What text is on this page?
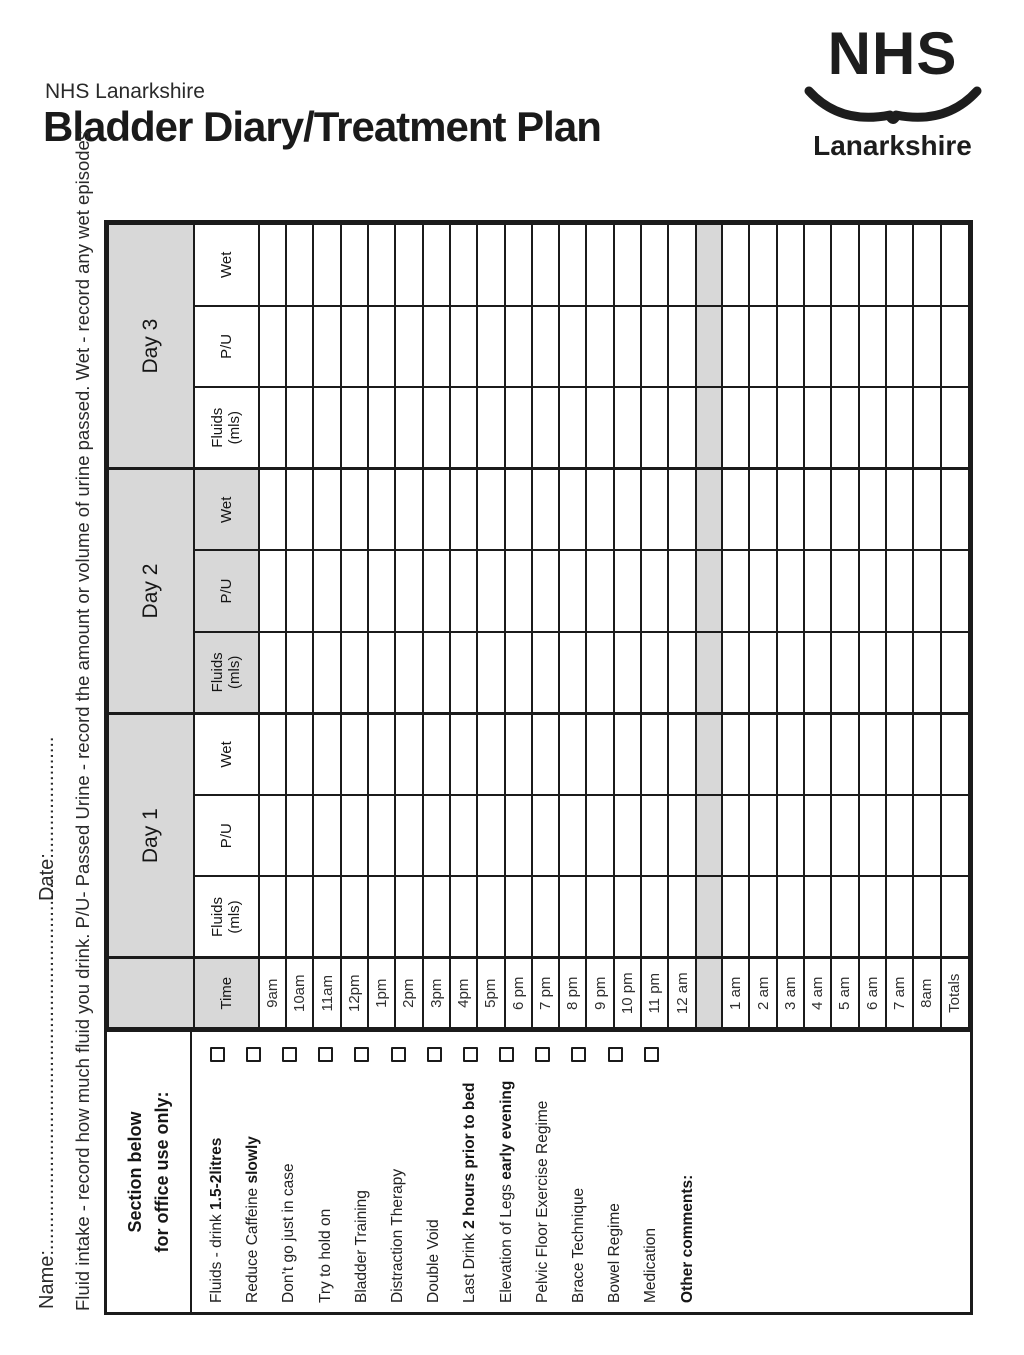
NHS Lanarkshire
Bladder Diary/Treatment Plan
NHS
Lanarkshire
Name:...................................................................
Date:..................... Fluid intake - record how much fluid you drink. P/U- Passed Urine - record the amount or volume of urine passed. Wet - record any wet episodes Section below for office use only:
Fluids - drink 1.5-2litres
Reduce Caffeine slowly
Don’t go just in case Try to hold on Bladder Training Distraction Therapy Double Void Last Drink 2 hours prior to bed
Elevation of Legs early evening Pelvic Floor Exercise Regime Brace Technique Bowel Regime Medication Other comments:
	Day 1			Day 2			Day 3		
Time	Fluids (mls)	P/U	Wet	Fluids (mls)	P/U	Wet	Fluids (mls)	P/U	Wet
9am									
10am									
11am									
12pm									
1pm									
2pm									
3pm									
4pm									
5pm									
6 pm									
7 pm									
8 pm									
9 pm									
10 pm									
11 pm									
12 am									

1 am									
2 am									
3 am									
4 am									
5 am									
6 am									
7 am									
8am									
Totals									
